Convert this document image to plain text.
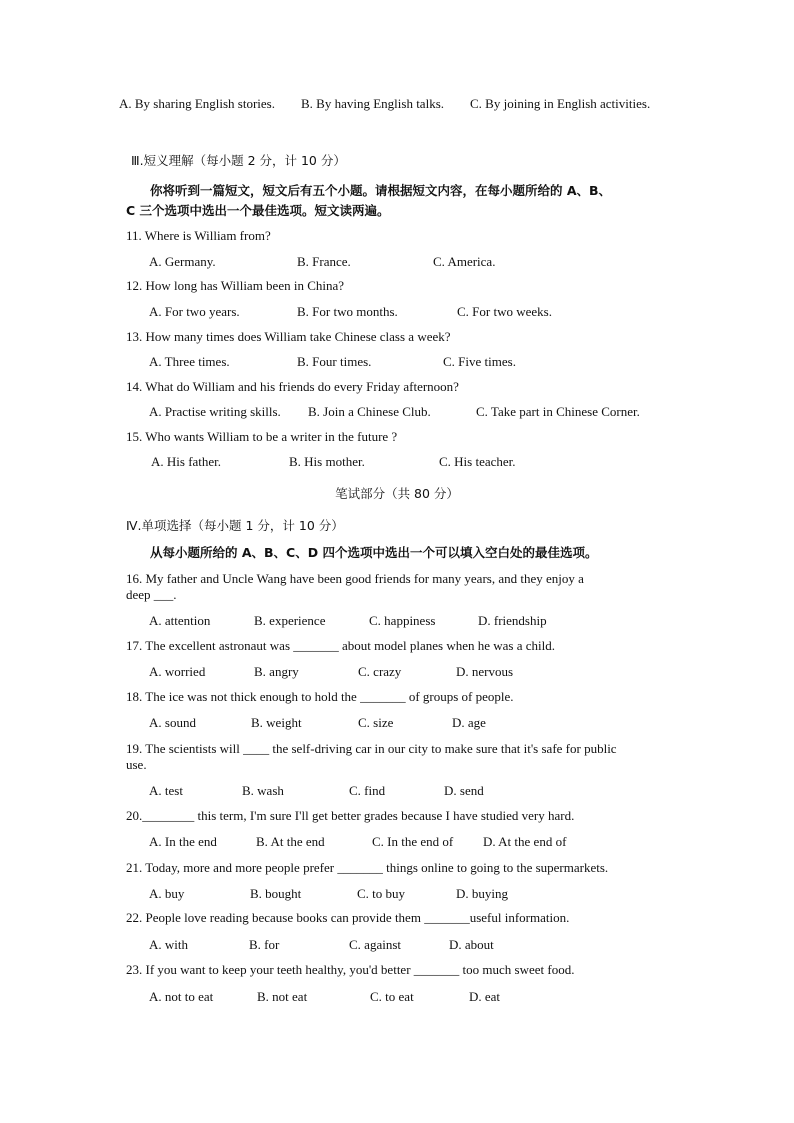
A. By sharing English stories. B. By having English talks. C. By joining in English activities.
Ⅲ.短义理解（每小题 2 分，计 10 分）
你将听到一篇短文，短文后有五个小题。请根据短文内容，在每小题所给的 A、B、
C 三个选项中选出一个最佳选项。短文读两遍。
11. Where is William from?
A. Germany.	B. France.	C. America.
12. How long has William been in China?
A. For two years.	B. For two months.	C. For two weeks.
13. How many times does William take Chinese class a week?
A. Three times.	B. Four times.	C. Five times.
14. What do William and his friends do every Friday afternoon?
A. Practise writing skills. B. Join a Chinese Club.	C. Take part in Chinese Corner.
15. Who wants William to be a writer in the future ?
A. His father.	B. His mother.	C. His teacher.
笔试部分（共 80 分）
Ⅳ.单项选择（每小题 1 分，计 10 分）
从每小题所给的 A、B、C、D 四个选项中选出一个可以填入空白处的最佳选项。
16. My father and Uncle Wang have been good friends for many years, and they enjoy a
deep ___.
A. attention	B. experience	C. happiness	D. friendship
17. The excellent astronaut was _______ about model planes when he was a child.
A. worried	B. angry	C. crazy	D. nervous
18. The ice was not thick enough to hold the _______ of groups of people.
A. sound	B. weight	C. size	D. age
19. The scientists will ____ the self-driving car in our city to make sure that it's safe for public
use.
A. test	B. wash	C. find	D. send
20.________ this term, I'm sure I'll get better grades because I have studied very hard.
A. In the end	B. At the end	C. In the end of D. At the end of
21. Today, more and more people prefer _______ things online to going to the supermarkets.
A. buy	B. bought	C. to buy	D. buying
22. People love reading because books can provide them _______useful information.
A. with	B. for	C. against	D. about
23. If you want to keep your teeth healthy, you'd better _______ too much sweet food.
A. not to eat	B. not eat	C. to eat	D. eat
